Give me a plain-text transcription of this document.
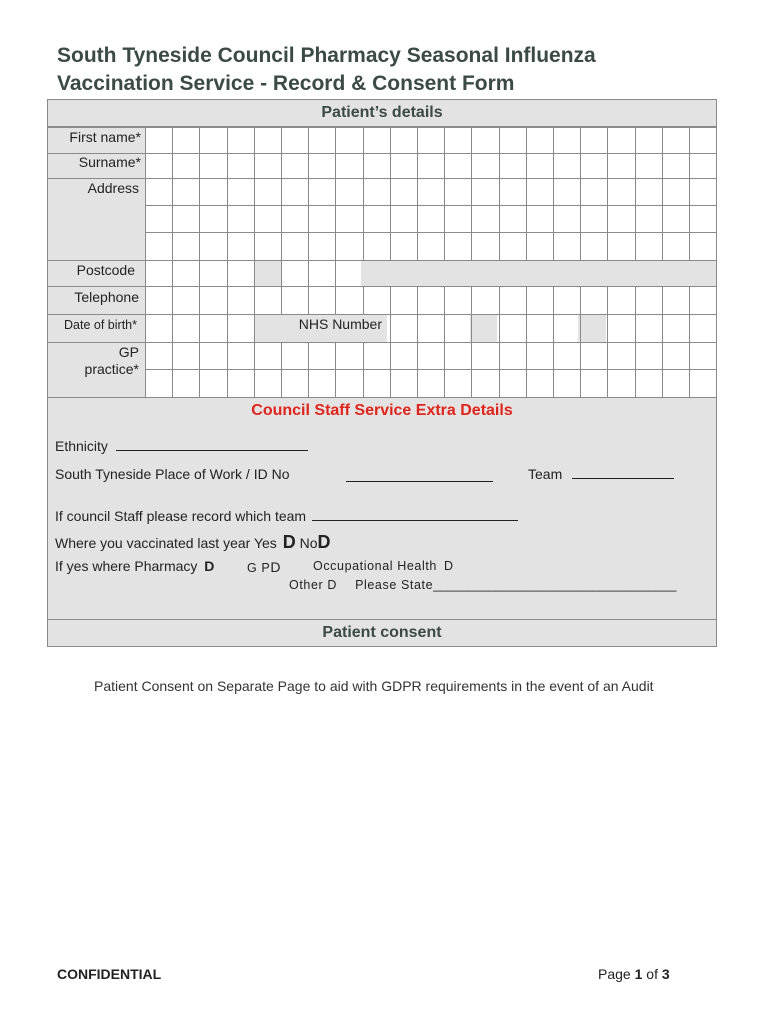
South Tyneside Council Pharmacy Seasonal Influenza
Vaccination Service - Record & Consent Form
First name*
Surname*
Address
Postcode
Telephone
Date of birth*	NHS Number
GP
practice*
Patient’s details
Council Staff Service Extra Details
Ethnicity
South Tyneside Place of Work / ID No	Team
If council Staff please record which team
Where you vaccinated last year Yes D NoD
If yes where Pharmacy D	G PD	Occupational Health D
Other D Please State___________________________________
Patient consent

Patient Consent on Separate Page to aid with GDPR requirements in the event of an Audit

CONFIDENTIAL	Page 1 of 3
